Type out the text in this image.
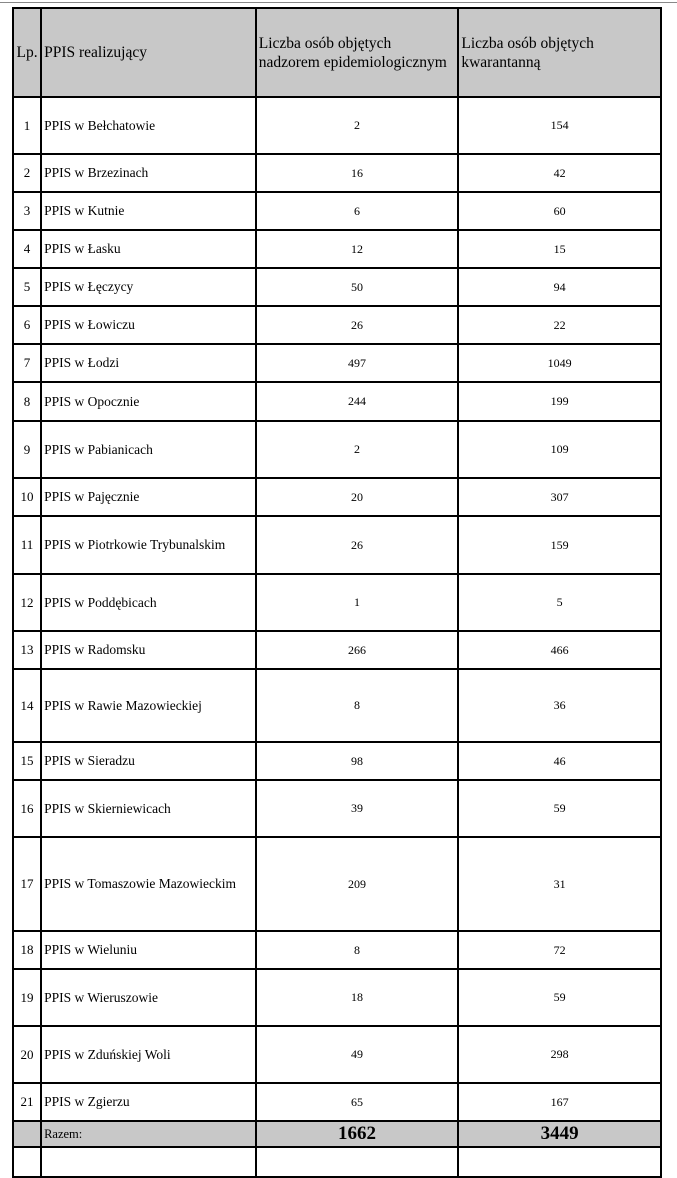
Lp.	PPIS realizujący	Liczba osób objętych nadzorem epidemiologicznym	Liczba osób objętych kwarantanną
1	PPIS w Bełchatowie	2	154
2	PPIS w Brzezinach	16	42
3	PPIS w Kutnie	6	60
4	PPIS w Łasku	12	15
5	PPIS w Łęczycy	50	94
6	PPIS w Łowiczu	26	22
7	PPIS w Łodzi	497	1049
8	PPIS w Opocznie	244	199
9	PPIS w Pabianicach	2	109
10	PPIS w Pajęcznie	20	307
11	PPIS w Piotrkowie Trybunalskim	26	159
12	PPIS w Poddębicach	1	5
13	PPIS w Radomsku	266	466
14	PPIS w Rawie Mazowieckiej	8	36
15	PPIS w Sieradzu	98	46
16	PPIS w Skierniewicach	39	59
17	PPIS w Tomaszowie Mazowieckim	209	31
18	PPIS w Wieluniu	8	72
19	PPIS w Wieruszowie	18	59
20	PPIS w Zduńskiej Woli	49	298
21	PPIS w Zgierzu	65	167
	Razem:	1662	3449
